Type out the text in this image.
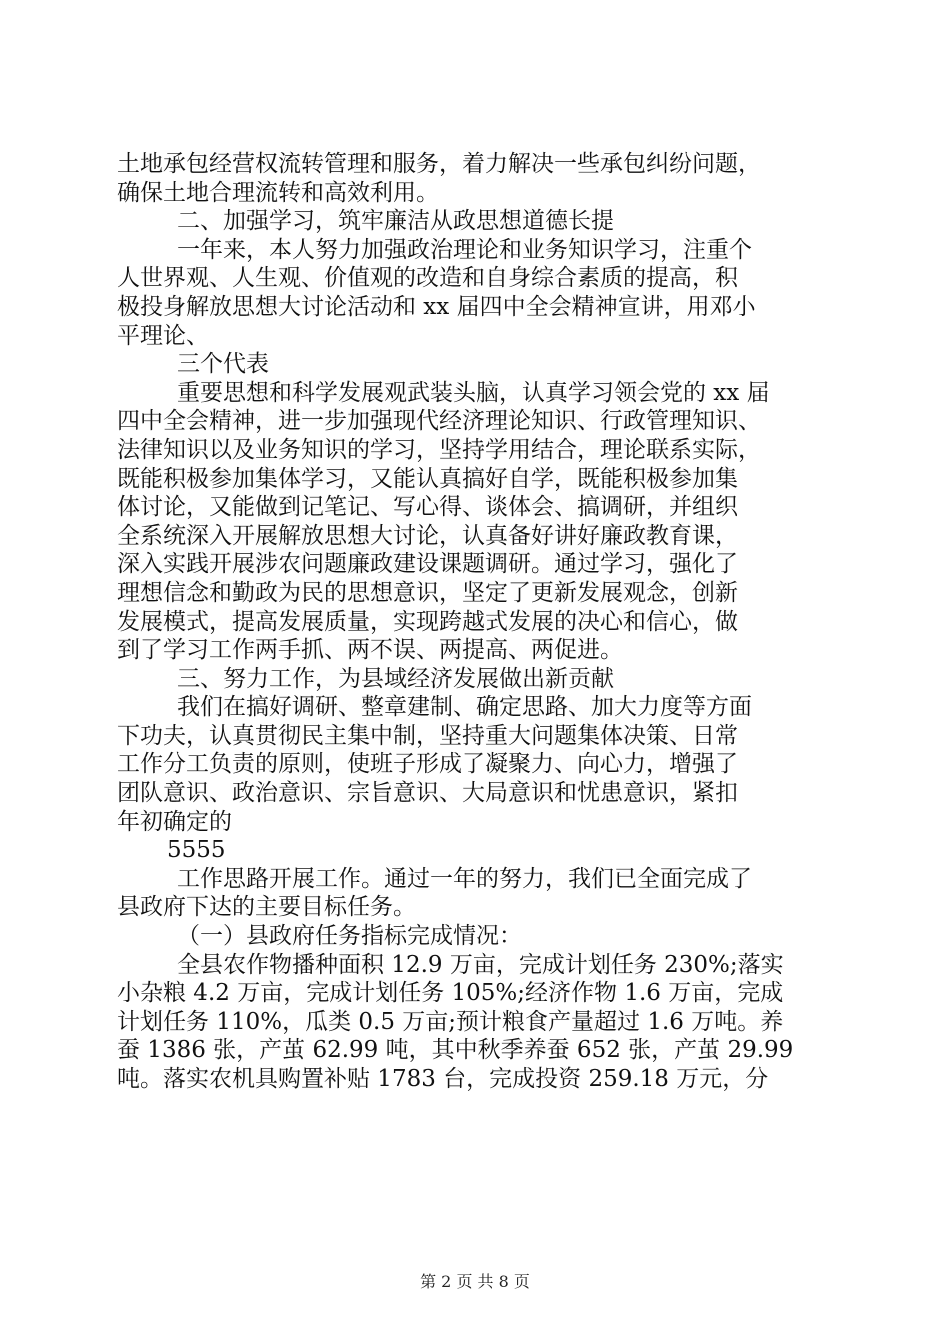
土地承包经营权流转管理和服务，着力解决一些承包纠纷问题，
确保土地合理流转和高效利用。
二、加强学习，筑牢廉洁从政思想道德长提
一年来，本人努力加强政治理论和业务知识学习，注重个
人世界观、人生观、价值观的改造和自身综合素质的提高，积
极投身解放思想大讨论活动和 xx 届四中全会精神宣讲，用邓小
平理论、
三个代表
重要思想和科学发展观武装头脑，认真学习领会党的 xx 届
四中全会精神，进一步加强现代经济理论知识、行政管理知识、
法律知识以及业务知识的学习，坚持学用结合，理论联系实际，
既能积极参加集体学习，又能认真搞好自学，既能积极参加集
体讨论，又能做到记笔记、写心得、谈体会、搞调研，并组织
全系统深入开展解放思想大讨论，认真备好讲好廉政教育课，
深入实践开展涉农问题廉政建设课题调研。通过学习，强化了
理想信念和勤政为民的思想意识，坚定了更新发展观念，创新
发展模式，提高发展质量，实现跨越式发展的决心和信心，做
到了学习工作两手抓、两不误、两提高、两促进。
三、努力工作，为县域经济发展做出新贡献
我们在搞好调研、整章建制、确定思路、加大力度等方面
下功夫，认真贯彻民主集中制，坚持重大问题集体决策、日常
工作分工负责的原则，使班子形成了凝聚力、向心力，增强了
团队意识、政治意识、宗旨意识、大局意识和忧患意识，紧扣
年初确定的
5555
工作思路开展工作。通过一年的努力，我们已全面完成了
县政府下达的主要目标任务。
（一）县政府任务指标完成情况：
全县农作物播种面积 12.9 万亩，完成计划任务 230%;落实
小杂粮 4.2 万亩，完成计划任务 105%;经济作物 1.6 万亩，完成
计划任务 110%，瓜类 0.5 万亩;预计粮食产量超过 1.6 万吨。养
蚕 1386 张，产茧 62.99 吨，其中秋季养蚕 652 张，产茧 29.99
吨。落实农机具购置补贴 1783 台，完成投资 259.18 万元，分
第 2 页 共 8 页
